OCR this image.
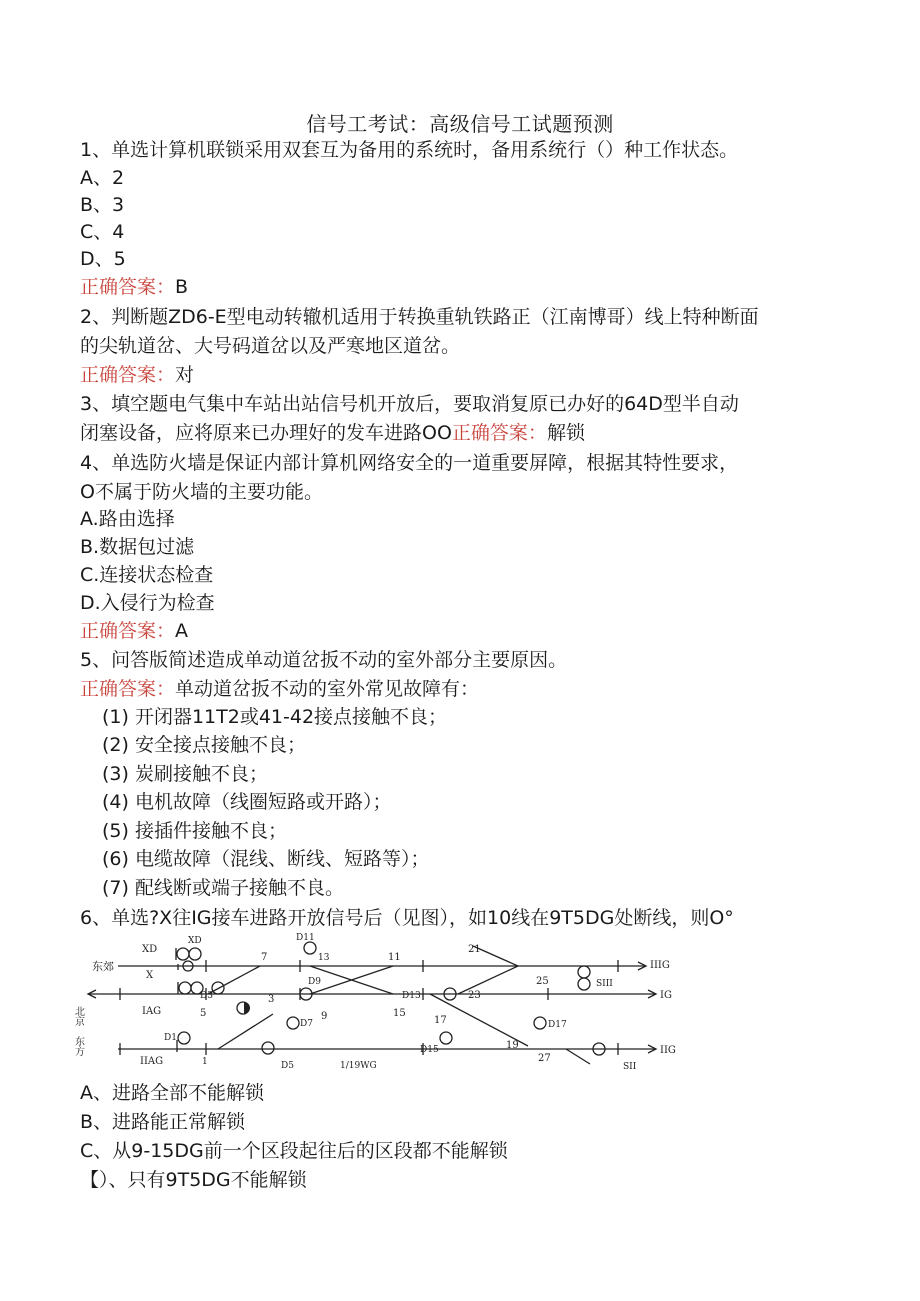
信号工考试：高级信号工试题预测
1、单选计算机联锁采用双套互为备用的系统时，备用系统行（）种工作状态。
A、2
B、3
C、4
D、5
正确答案：B
2、判断题ZD6-E型电动转辙机适用于转换重轨铁路正（江南博哥）线上特种断面
的尖轨道岔、大号码道岔以及严寒地区道岔。
正确答案：对
3、填空题电气集中车站出站信号机开放后，要取消复原已办好的64D型半自动
闭塞设备，应将原来已办理好的发车进路OO正确答案：解锁
4、单选防火墙是保证内部计算机网络安全的一道重要屏障，根据其特性要求，
O不属于防火墙的主要功能。
A.路由选择
B.数据包过滤
C.连接状态检查
D.入侵行为检查
正确答案：A
5、问答版简述造成单动道岔扳不动的室外部分主要原因。
正确答案：单动道岔扳不动的室外常见故障有：
(1) 开闭器11T2或41-42接点接触不良；
(2) 安全接点接触不良；
(3) 炭刷接触不良；
(4) 电机故障（线圈短路或开路）；
(5) 接插件接触不良；
(6) 电缆故障（混线、断线、短路等）；
(7) 配线断或端子接触不良。
6、单选?X往IG接车进路开放信号后（见图），如10线在9T5DG处断线，则O°
东郊
XD
XD
X
IAG
IIAG
北京
东方	D1
1
D3	3
5
7
D5
D7
9
D9
D11
13	11
15
D13
17
D15	19
21
23
25
D17
27
1/19WG
SIII
SII
IIIG
IG
IIG
A、进路全部不能解锁
B、进路能正常解锁
C、从9-15DG前一个区段起往后的区段都不能解锁
【）、只有9T5DG不能解锁
